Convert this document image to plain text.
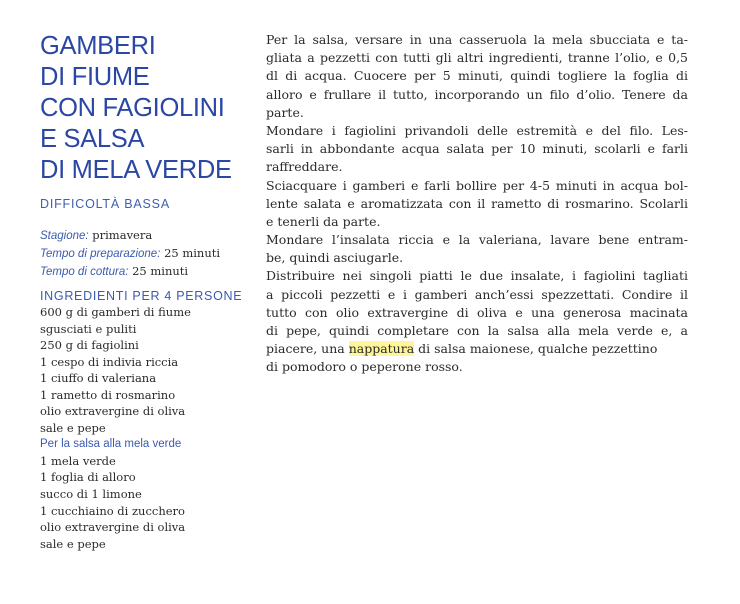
GAMBERI
DI FIUME
CON FAGIOLINI
E SALSA
DI MELA VERDE
DIFFICOLTÀ BASSA
Stagione: primavera
Tempo di preparazione: 25 minuti
Tempo di cottura: 25 minuti
INGREDIENTI PER 4 PERSONE
600 g di gamberi di fiume
sgusciati e puliti
250 g di fagiolini
1 cespo di indivia riccia
1 ciuffo di valeriana
1 rametto di rosmarino
olio extravergine di oliva
sale e pepe
Per la salsa alla mela verde
1 mela verde
1 foglia di alloro
succo di 1 limone
1 cucchiaino di zucchero
olio extravergine di oliva
sale e pepe
Per la salsa, versare in una casseruola la mela sbucciata e ta-
gliata a pezzetti con tutti gli altri ingredienti, tranne l’olio, e 0,5
dl di acqua. Cuocere per 5 minuti, quindi togliere la foglia di
alloro e frullare il tutto, incorporando un filo d’olio. Tenere da
parte.
Mondare i fagiolini privandoli delle estremità e del filo. Les-
sarli in abbondante acqua salata per 10 minuti, scolarli e farli
raffreddare.
Sciacquare i gamberi e farli bollire per 4-5 minuti in acqua bol-
lente salata e aromatizzata con il rametto di rosmarino. Scolarli
e tenerli da parte.
Mondare l’insalata riccia e la valeriana, lavare bene entram-
be, quindi asciugarle.
Distribuire nei singoli piatti le due insalate, i fagiolini tagliati
a piccoli pezzetti e i gamberi anch’essi spezzettati. Condire il
tutto con olio extravergine di oliva e una generosa macinata
di pepe, quindi completare con la salsa alla mela verde e, a
piacere, una nappatura di salsa maionese, qualche pezzettino
di pomodoro o peperone rosso.
